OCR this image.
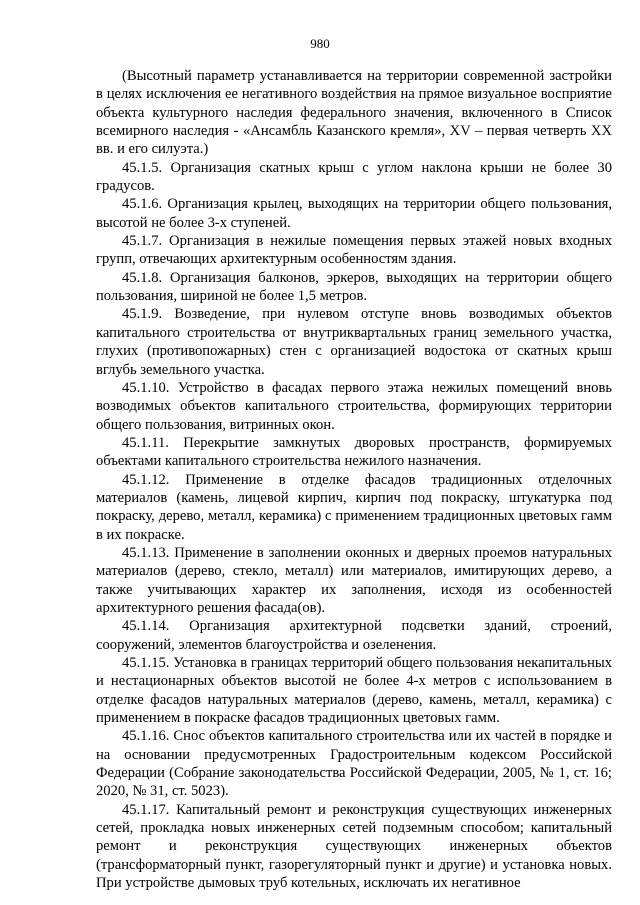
980

(Высотный параметр устанавливается на территории современной застройки в целях исключения ее негативного воздействия на прямое визуальное восприятие объекта культурного наследия федерального значения, включенного в Список всемирного наследия - «Ансамбль Казанского кремля», XV – первая четверть XX вв. и его силуэта.)

45.1.5. Организация скатных крыш с углом наклона крыши не более 30 градусов.

45.1.6. Организация крылец, выходящих на территории общего пользования, высотой не более 3-х ступеней.

45.1.7. Организация в нежилые помещения первых этажей новых входных групп, отвечающих архитектурным особенностям здания.

45.1.8. Организация балконов, эркеров, выходящих на территории общего пользования, шириной не более 1,5 метров.

45.1.9. Возведение, при нулевом отступе вновь возводимых объектов капитального строительства от внутриквартальных границ земельного участка, глухих (противопожарных) стен с организацией водостока от скатных крыш вглубь земельного участка.

45.1.10. Устройство в фасадах первого этажа нежилых помещений вновь возводимых объектов капитального строительства, формирующих территории общего пользования, витринных окон.

45.1.11. Перекрытие замкнутых дворовых пространств, формируемых объектами капитального строительства нежилого назначения.

45.1.12. Применение в отделке фасадов традиционных отделочных материалов (камень, лицевой кирпич, кирпич под покраску, штукатурка под покраску, дерево, металл, керамика) с применением традиционных цветовых гамм в их покраске.

45.1.13. Применение в заполнении оконных и дверных проемов натуральных материалов (дерево, стекло, металл) или материалов, имитирующих дерево, а также учитывающих характер их заполнения, исходя из особенностей архитектурного решения фасада(ов).

45.1.14. Организация архитектурной подсветки зданий, строений, сооружений, элементов благоустройства и озеленения.

45.1.15. Установка в границах территорий общего пользования некапитальных и нестационарных объектов высотой не более 4-х метров с использованием в отделке фасадов натуральных материалов (дерево, камень, металл, керамика) с применением в покраске фасадов традиционных цветовых гамм.

45.1.16. Снос объектов капитального строительства или их частей в порядке и на основании предусмотренных Градостроительным кодексом Российской Федерации (Собрание законодательства Российской Федерации, 2005, № 1, ст. 16; 2020, № 31, ст. 5023).

45.1.17. Капитальный ремонт и реконструкция существующих инженерных сетей, прокладка новых инженерных сетей подземным способом; капитальный ремонт и реконструкция существующих инженерных объектов (трансформаторный пункт, газорегуляторный пункт и другие) и установка новых. При устройстве дымовых труб котельных, исключать их негативное
